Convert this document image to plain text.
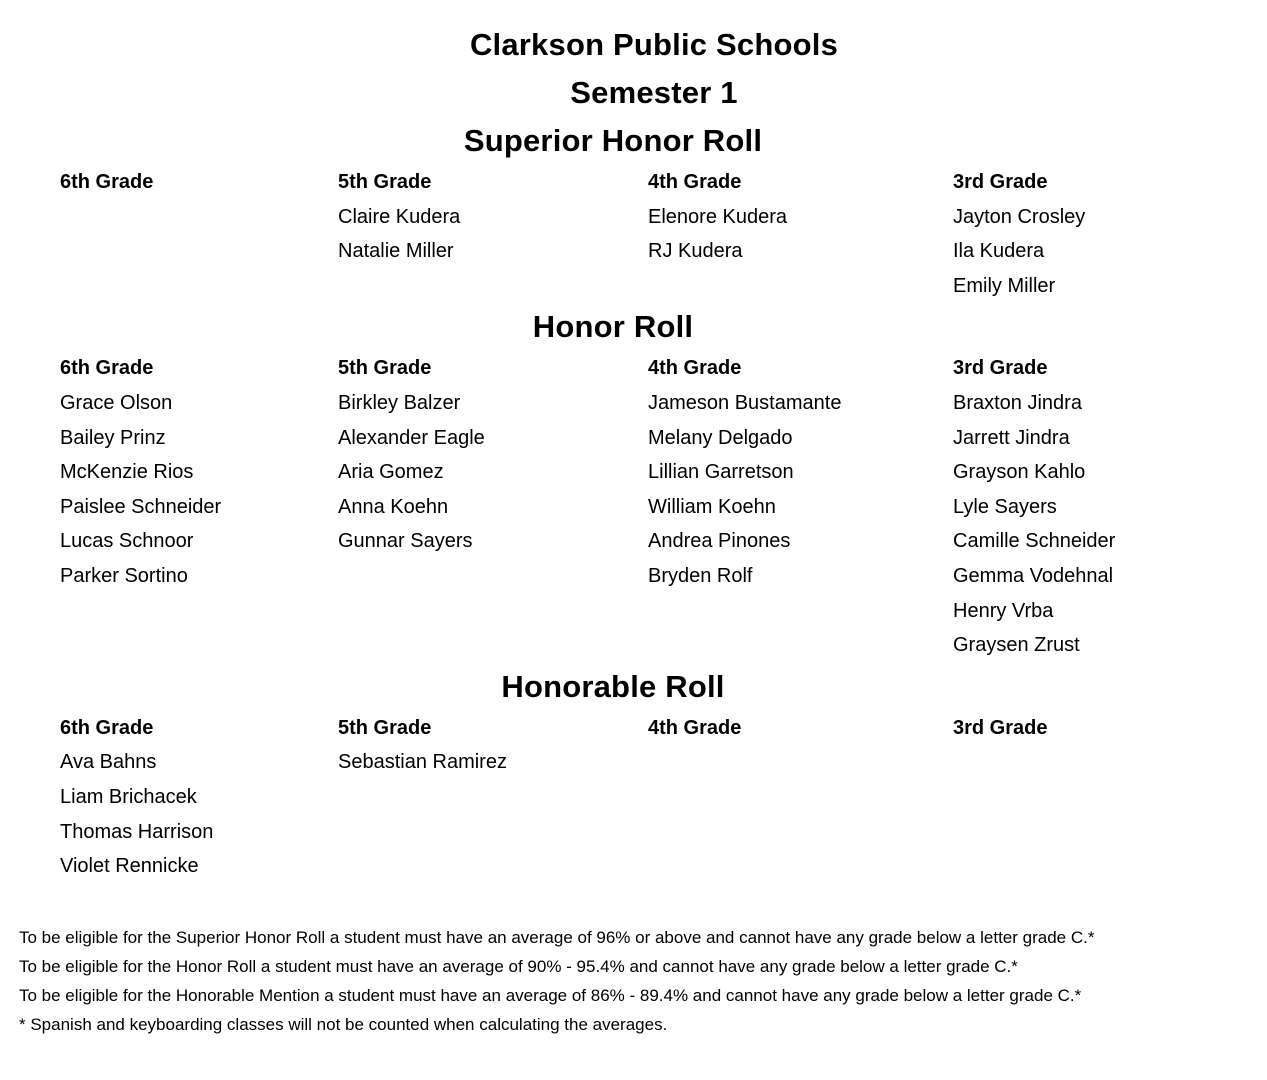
Clarkson Public Schools
Semester 1
Superior Honor Roll
6th Grade	5th Grade
Claire Kudera
Natalie Miller
4th Grade
Elenore Kudera
RJ Kudera
3rd Grade
Jayton Crosley
Ila Kudera
Emily Miller
Honor Roll
6th Grade
Grace Olson
Bailey Prinz
McKenzie Rios
Paislee Schneider
Lucas Schnoor
Parker Sortino
5th Grade
Birkley Balzer
Alexander Eagle
Aria Gomez
Anna Koehn
Gunnar Sayers
4th Grade
Jameson Bustamante
Melany Delgado
Lillian Garretson
William Koehn
Andrea Pinones
Bryden Rolf
3rd Grade
Braxton Jindra
Jarrett Jindra
Grayson Kahlo
Lyle Sayers
Camille Schneider
Gemma Vodehnal
Henry Vrba
Graysen Zrust
Honorable Roll
6th Grade
Ava Bahns
Liam Brichacek
Thomas Harrison
Violet Rennicke
5th Grade
Sebastian Ramirez
4th Grade	3rd Grade
To be eligible for the Superior Honor Roll a student must have an average of 96% or above and cannot have any grade below a letter grade C.*
To be eligible for the Honor Roll a student must have an average of 90% - 95.4% and cannot have any grade below a letter grade C.*
To be eligible for the Honorable Mention a student must have an average of 86% - 89.4% and cannot have any grade below a letter grade C.*
* Spanish and keyboarding classes will not be counted when calculating the averages.
